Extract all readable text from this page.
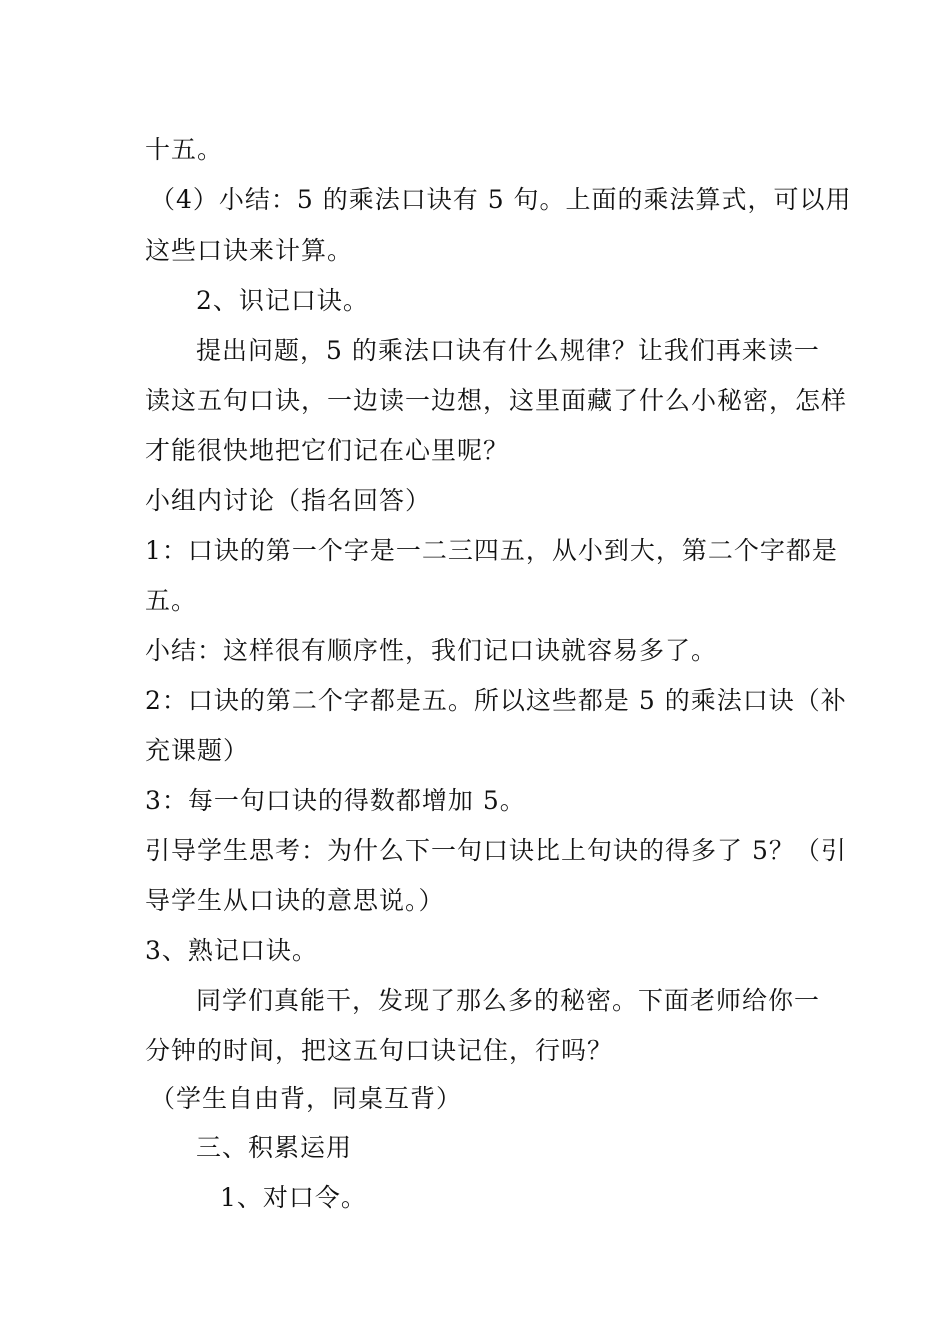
十五。
（4）小结：5 的乘法口诀有 5 句。上面的乘法算式，可以用
这些口诀来计算。
2、识记口诀。
提出问题，5 的乘法口诀有什么规律？让我们再来读一
读这五句口诀，一边读一边想，这里面藏了什么小秘密，怎样
才能很快地把它们记在心里呢？
小组内讨论（指名回答）
1：口诀的第一个字是一二三四五，从小到大，第二个字都是
五。
小结：这样很有顺序性，我们记口诀就容易多了。
2：口诀的第二个字都是五。所以这些都是 5 的乘法口诀（补
充课题）
3：每一句口诀的得数都增加 5。
引导学生思考：为什么下一句口诀比上句诀的得多了 5？（引
导学生从口诀的意思说。）
3、熟记口诀。
同学们真能干，发现了那么多的秘密。下面老师给你一
分钟的时间，把这五句口诀记住，行吗？
（学生自由背，同桌互背）
三、积累运用
1、对口令。
